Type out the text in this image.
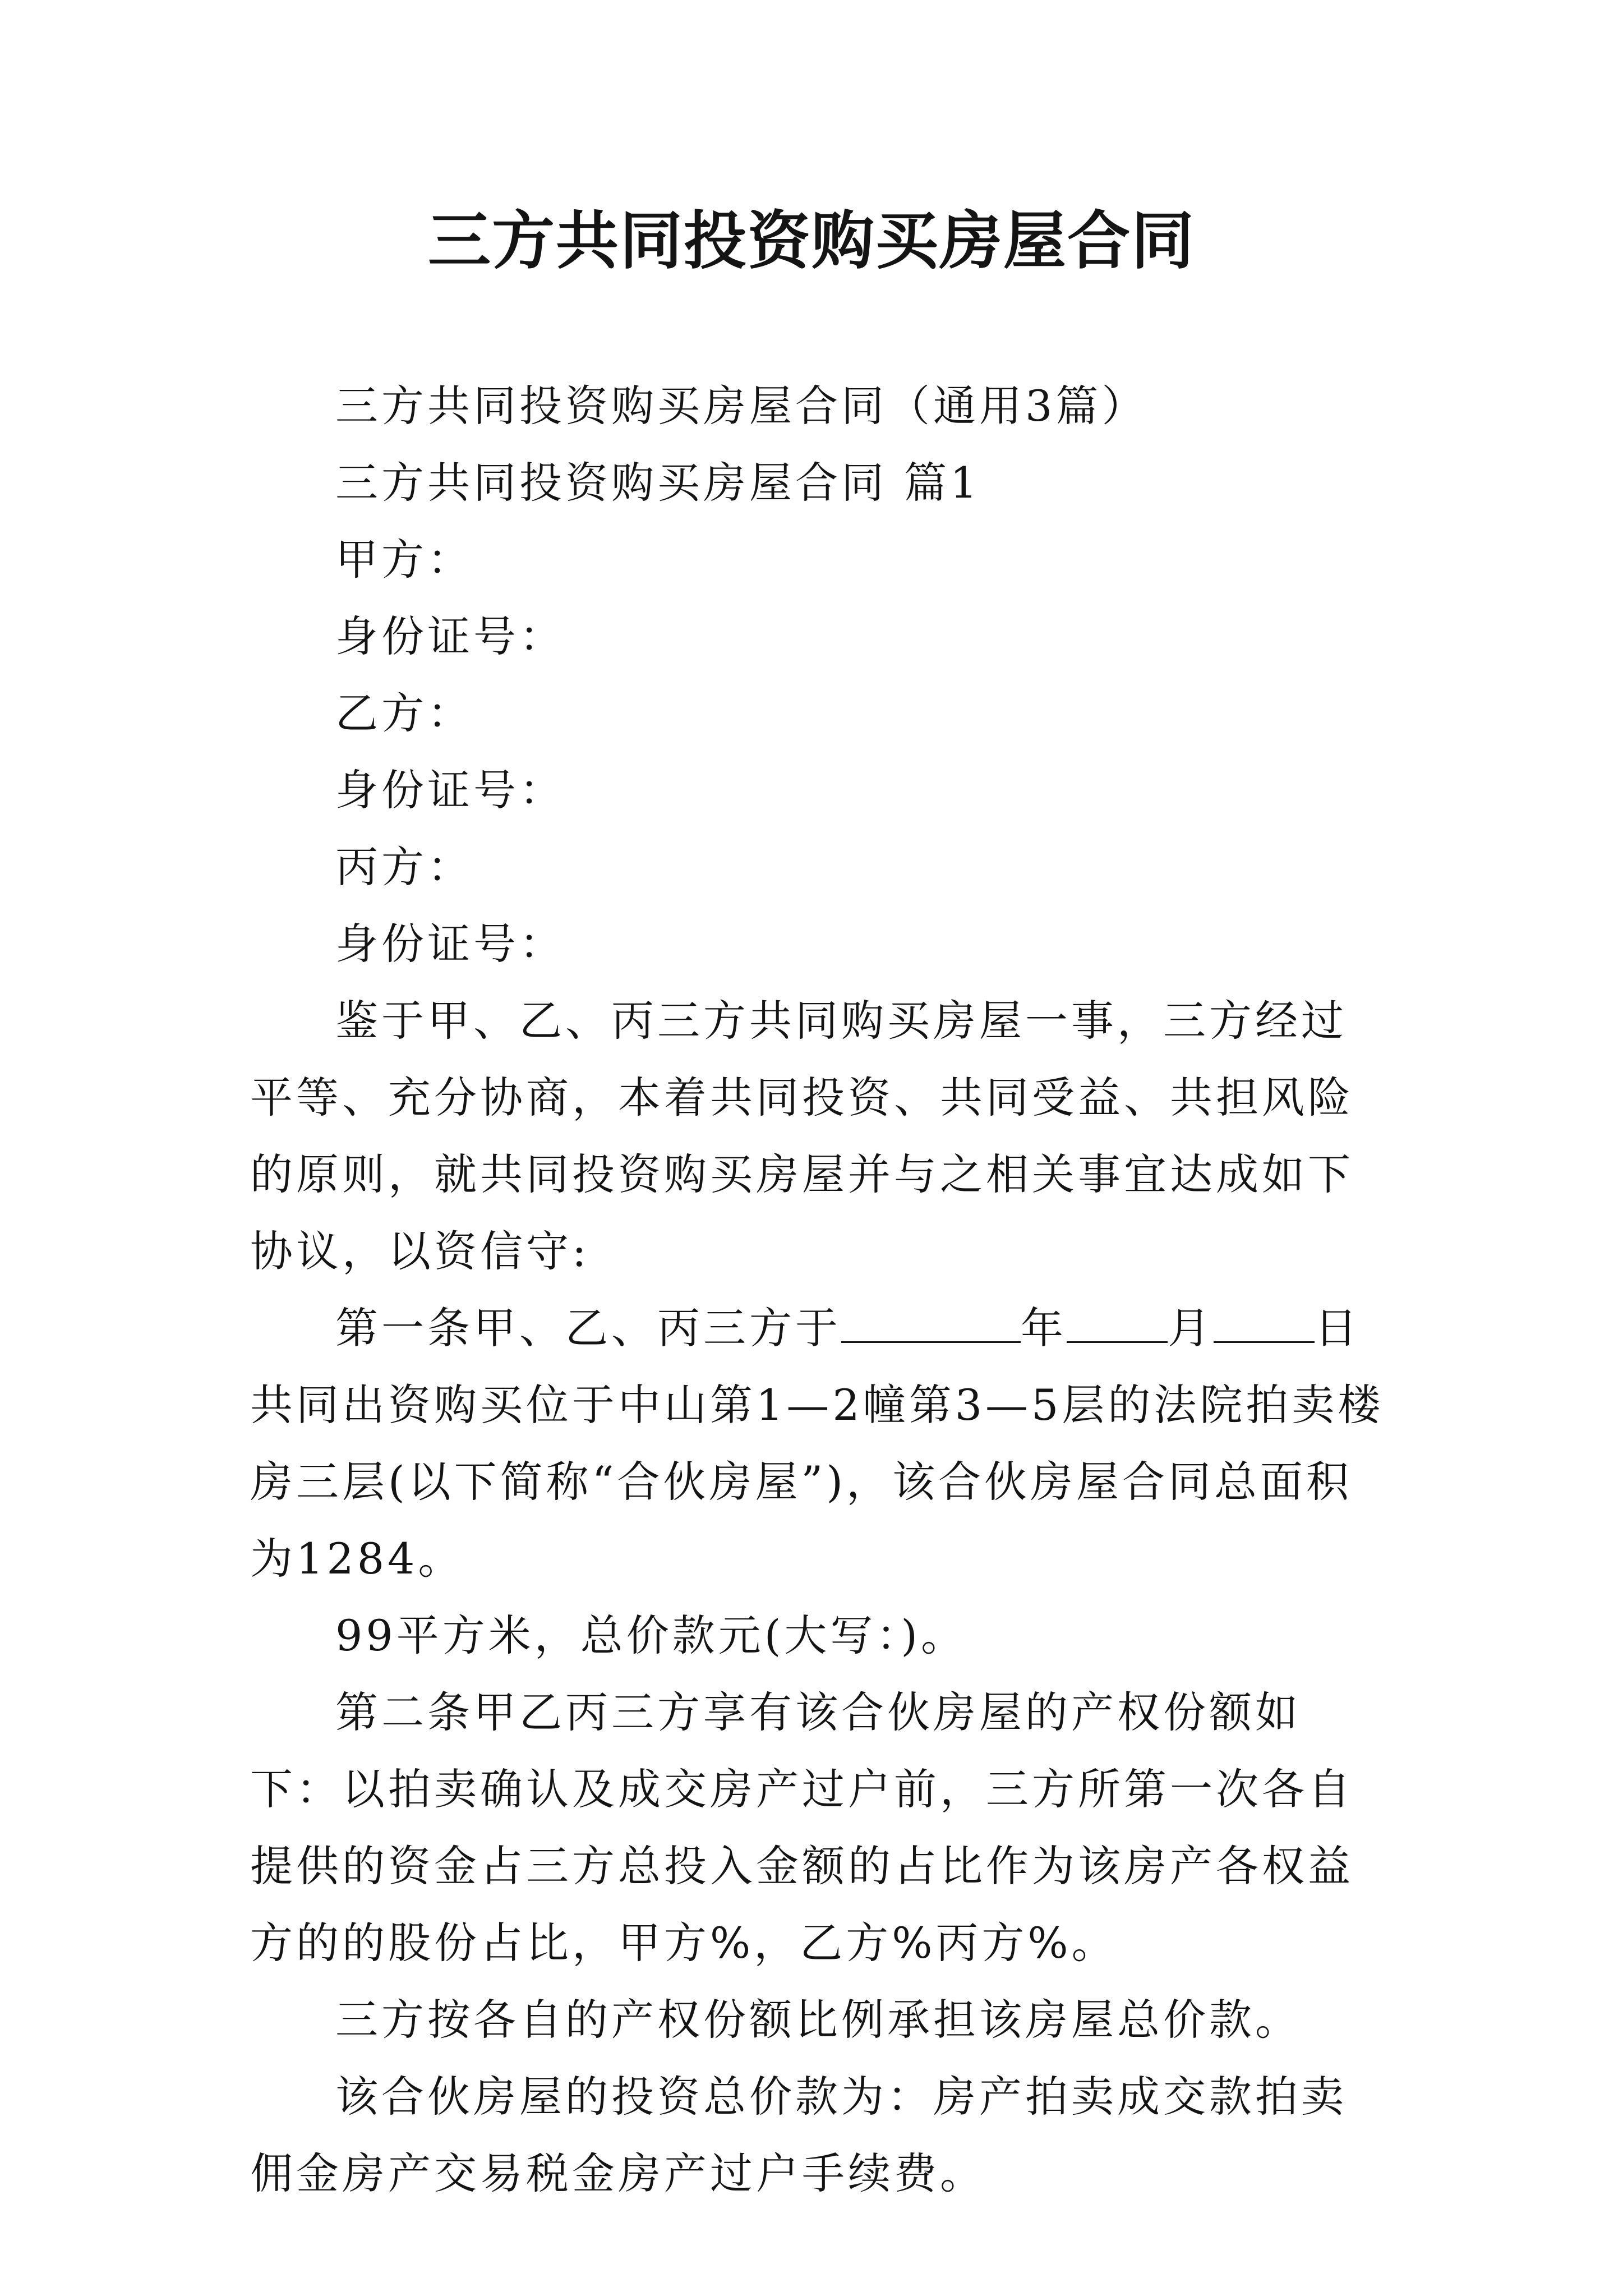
三方共同投资购买房屋合同

三方共同投资购买房屋合同（通用3篇）

三方共同投资购买房屋合同 篇1

甲方：

身份证号：

乙方：

身份证号：

丙方：

身份证号：

鉴于甲、乙、丙三方共同购买房屋一事，三方经过平等、充分协商，本着共同投资、共同受益、共担风险的原则，就共同投资购买房屋并与之相关事宜达成如下协议，以资信守:

第一条甲、乙、丙三方于	年 月 日共同出资购买位于中山第1—2幢第3—5层的法院拍卖楼房三层(以下简称“合伙房屋”)，该合伙房屋合同总面积为1284。

99平方米，总价款元(大写：)。

第二条甲乙丙三方享有该合伙房屋的产权份额如下：以拍卖确认及成交房产过户前，三方所第一次各自提供的资金占三方总投入金额的占比作为该房产各权益方的的股份占比，甲方%，乙方%丙方%。

三方按各自的产权份额比例承担该房屋总价款。

该合伙房屋的投资总价款为：房产拍卖成交款拍卖佣金房产交易税金房产过户手续费。
